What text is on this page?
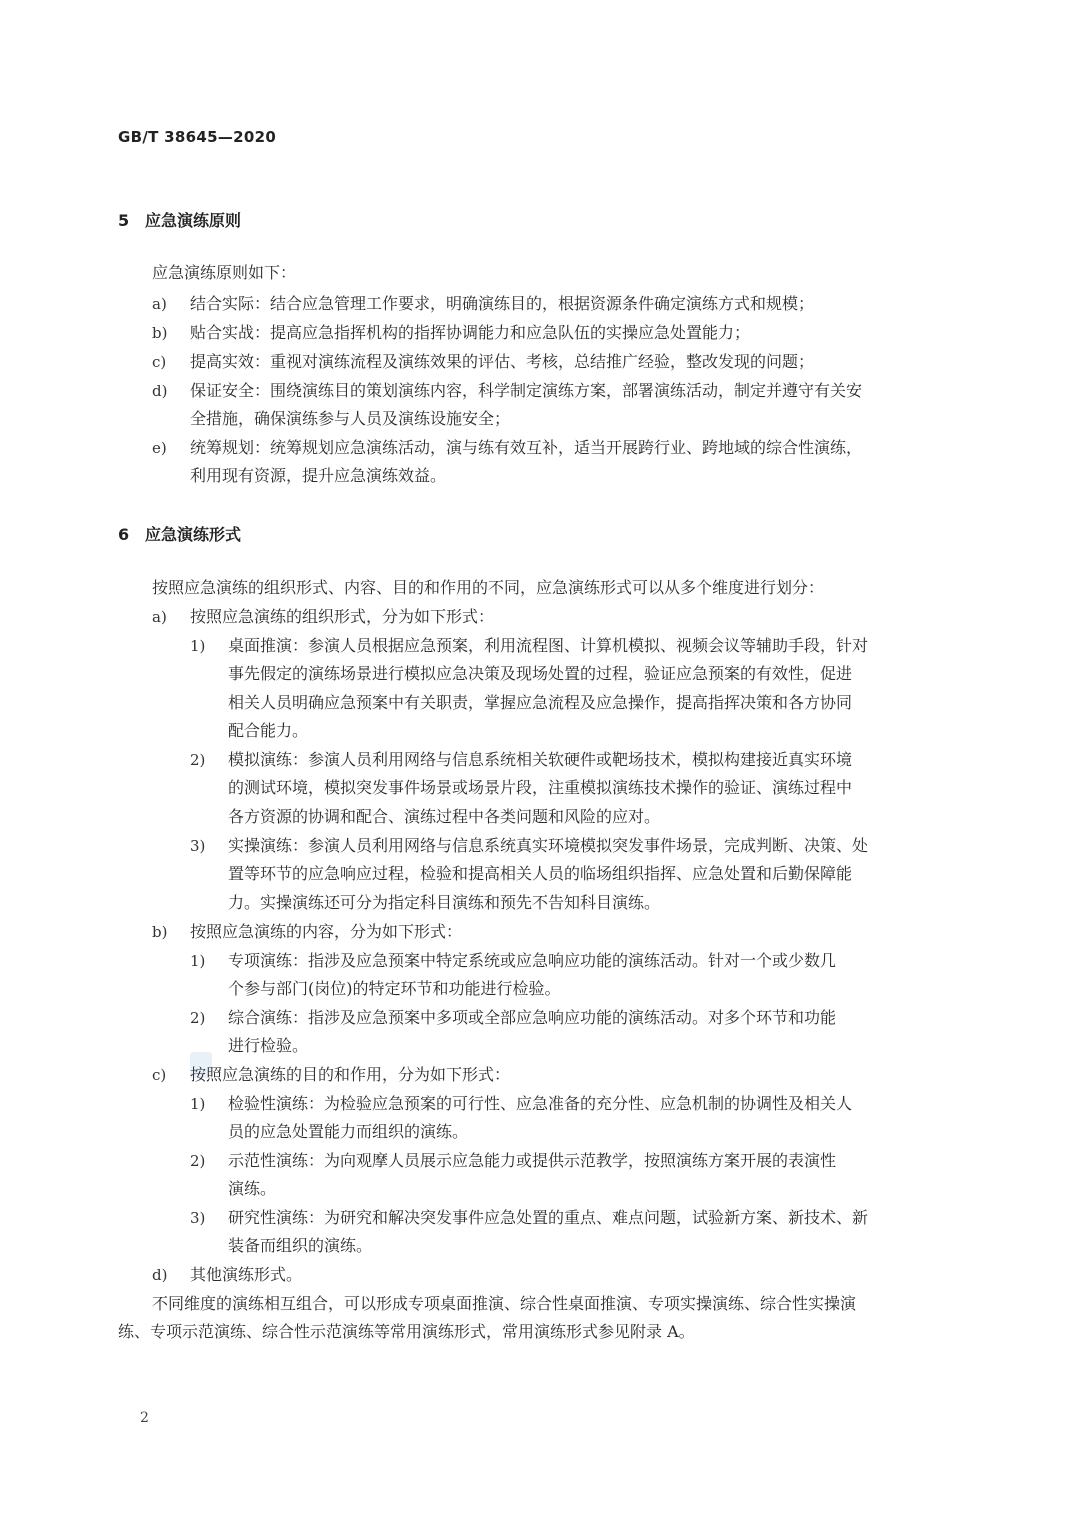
GB/T 38645—2020
5 应急演练原则
应急演练原则如下：
a) 结合实际：结合应急管理工作要求，明确演练目的，根据资源条件确定演练方式和规模；
b) 贴合实战：提高应急指挥机构的指挥协调能力和应急队伍的实操应急处置能力；
c) 提高实效：重视对演练流程及演练效果的评估、考核，总结推广经验，整改发现的问题；
d) 保证安全：围绕演练目的策划演练内容，科学制定演练方案，部署演练活动，制定并遵守有关安
全措施，确保演练参与人员及演练设施安全；
e) 统筹规划：统筹规划应急演练活动，演与练有效互补，适当开展跨行业、跨地域的综合性演练，
利用现有资源，提升应急演练效益。
6 应急演练形式
按照应急演练的组织形式、内容、目的和作用的不同，应急演练形式可以从多个维度进行划分：
a) 按照应急演练的组织形式，分为如下形式：
1) 桌面推演：参演人员根据应急预案，利用流程图、计算机模拟、视频会议等辅助手段，针对
事先假定的演练场景进行模拟应急决策及现场处置的过程，验证应急预案的有效性，促进
相关人员明确应急预案中有关职责，掌握应急流程及应急操作，提高指挥决策和各方协同
配合能力。
2) 模拟演练：参演人员利用网络与信息系统相关软硬件或靶场技术，模拟构建接近真实环境
的测试环境，模拟突发事件场景或场景片段，注重模拟演练技术操作的验证、演练过程中
各方资源的协调和配合、演练过程中各类问题和风险的应对。
3) 实操演练：参演人员利用网络与信息系统真实环境模拟突发事件场景，完成判断、决策、处
置等环节的应急响应过程，检验和提高相关人员的临场组织指挥、应急处置和后勤保障能
力。实操演练还可分为指定科目演练和预先不告知科目演练。
b) 按照应急演练的内容，分为如下形式：
1) 专项演练：指涉及应急预案中特定系统或应急响应功能的演练活动。针对一个或少数几
个参与部门(岗位)的特定环节和功能进行检验。
2) 综合演练：指涉及应急预案中多项或全部应急响应功能的演练活动。对多个环节和功能
进行检验。
c) 按照应急演练的目的和作用，分为如下形式：
1) 检验性演练：为检验应急预案的可行性、应急准备的充分性、应急机制的协调性及相关人
员的应急处置能力而组织的演练。
2) 示范性演练：为向观摩人员展示应急能力或提供示范教学，按照演练方案开展的表演性
演练。
3) 研究性演练：为研究和解决突发事件应急处置的重点、难点问题，试验新方案、新技术、新
装备而组织的演练。
d) 其他演练形式。
不同维度的演练相互组合，可以形成专项桌面推演、综合性桌面推演、专项实操演练、综合性实操演
练、专项示范演练、综合性示范演练等常用演练形式，常用演练形式参见附录 A。
2
